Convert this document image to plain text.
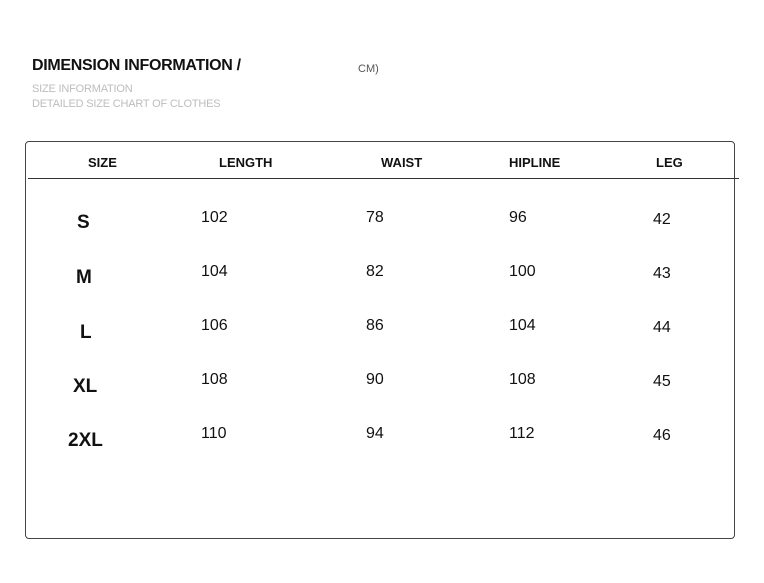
DIMENSION INFORMATION /	CM)
SIZE INFORMATION
DETAILED SIZE CHART OF CLOTHES
SIZE	LENGTH	WAIST	HIPLINE	LEG
S	102	78	96	42
M	104	82	100	43
L	106	86	104	44
XL	108	90	108	45
2XL	110	94	112	46
